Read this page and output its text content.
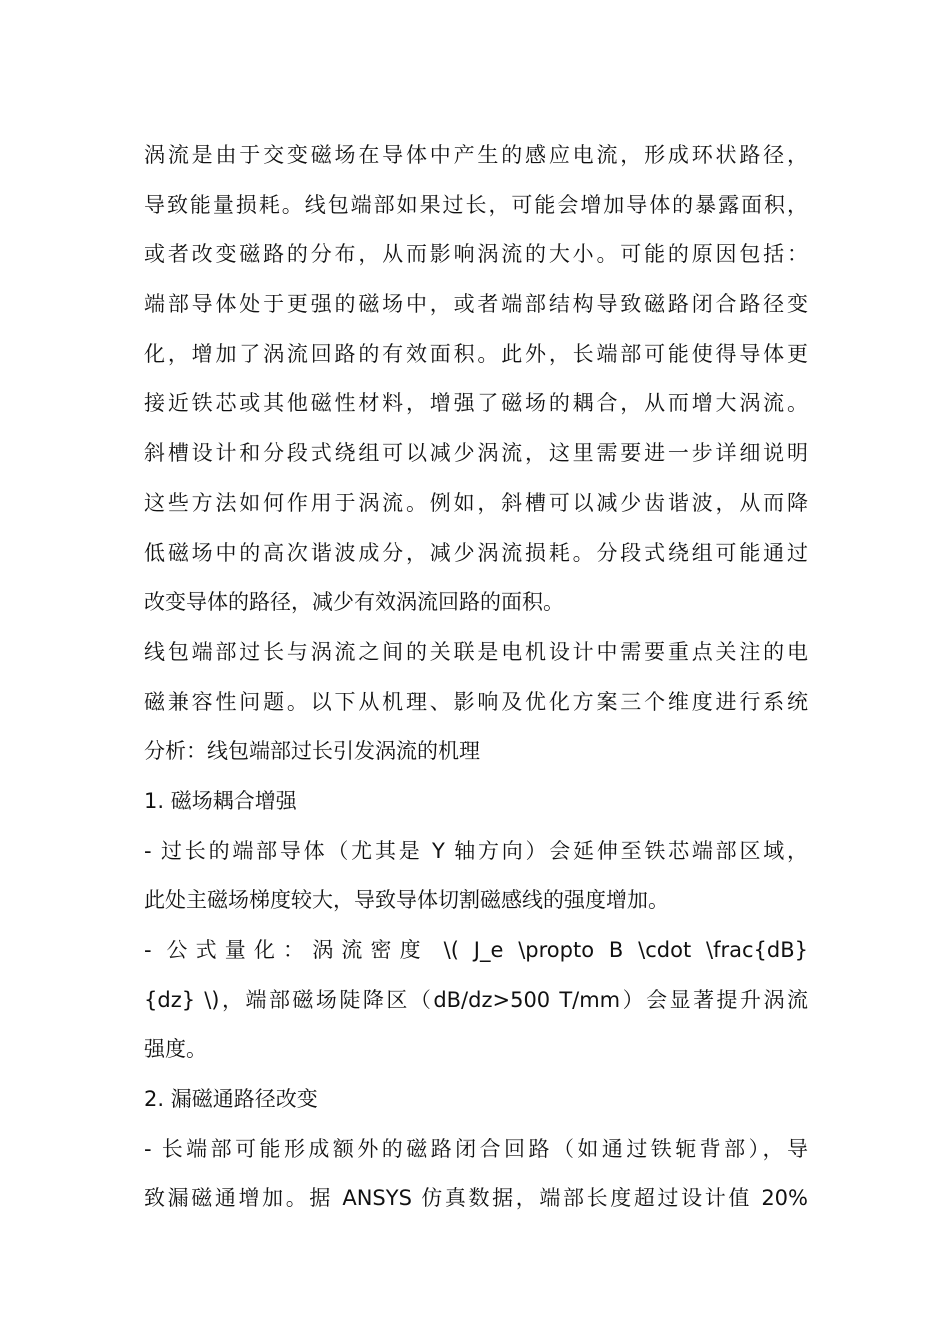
涡流是由于交变磁场在导体中产生的感应电流，形成环状路径，
导致能量损耗。线包端部如果过长，可能会增加导体的暴露面积，
或者改变磁路的分布，从而影响涡流的大小。可能的原因包括：
端部导体处于更强的磁场中，或者端部结构导致磁路闭合路径变
化，增加了涡流回路的有效面积。此外，长端部可能使得导体更
接近铁芯或其他磁性材料，增强了磁场的耦合，从而增大涡流。
斜槽设计和分段式绕组可以减少涡流，这里需要进一步详细说明
这些方法如何作用于涡流。例如，斜槽可以减少齿谐波，从而降
低磁场中的高次谐波成分，减少涡流损耗。分段式绕组可能通过
改变导体的路径，减少有效涡流回路的面积。
线包端部过长与涡流之间的关联是电机设计中需要重点关注的电
磁兼容性问题。以下从机理、影响及优化方案三个维度进行系统
分析：线包端部过长引发涡流的机理
1. 磁场耦合增强
- 过长的端部导体（尤其是 Y 轴方向）会延伸至铁芯端部区域，
此处主磁场梯度较大，导致导体切割磁感线的强度增加。
- 公式量化：涡流密度 \( J_e \propto B \cdot \frac{dB}
{dz} \)，端部磁场陡降区（dB/dz>500 T/mm）会显著提升涡流
强度。
2. 漏磁通路径改变
- 长端部可能形成额外的磁路闭合回路（如通过铁轭背部），导
致漏磁通增加。据 ANSYS 仿真数据，端部长度超过设计值 20%
